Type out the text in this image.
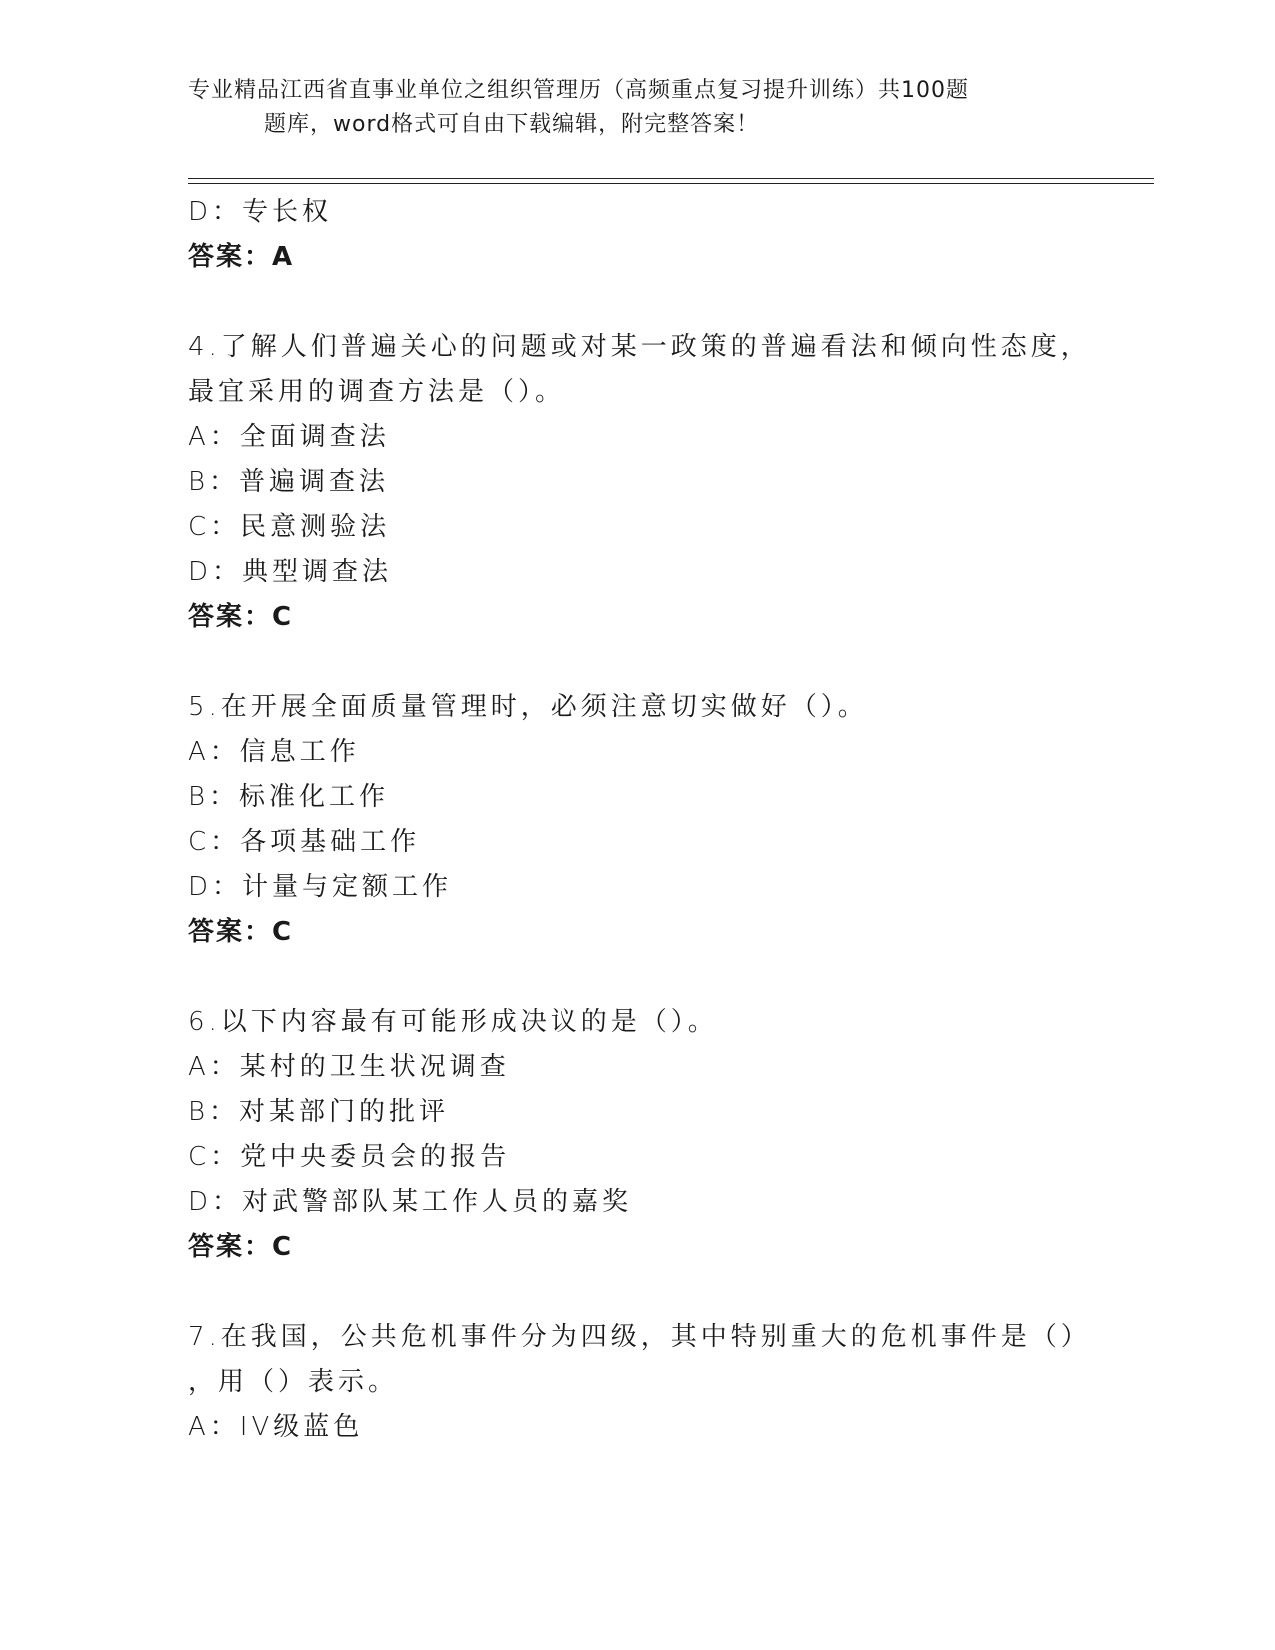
专业精品江西省直事业单位之组织管理历（高频重点复习提升训练）共100题
题库，word格式可自由下载编辑，附完整答案！
D：专长权
答案：A
4.了解人们普遍关心的问题或对某一政策的普遍看法和倾向性态度，
最宜采用的调查方法是（）。
A：全面调查法
B：普遍调查法
C：民意测验法
D：典型调查法
答案：C
5.在开展全面质量管理时，必须注意切实做好（）。
A：信息工作
B：标准化工作
C：各项基础工作
D：计量与定额工作
答案：C
6.以下内容最有可能形成决议的是（）。
A：某村的卫生状况调查
B：对某部门的批评
C：党中央委员会的报告
D：对武警部队某工作人员的嘉奖
答案：C
7.在我国，公共危机事件分为四级，其中特别重大的危机事件是（）
，用（）表示。
A：IV级蓝色
